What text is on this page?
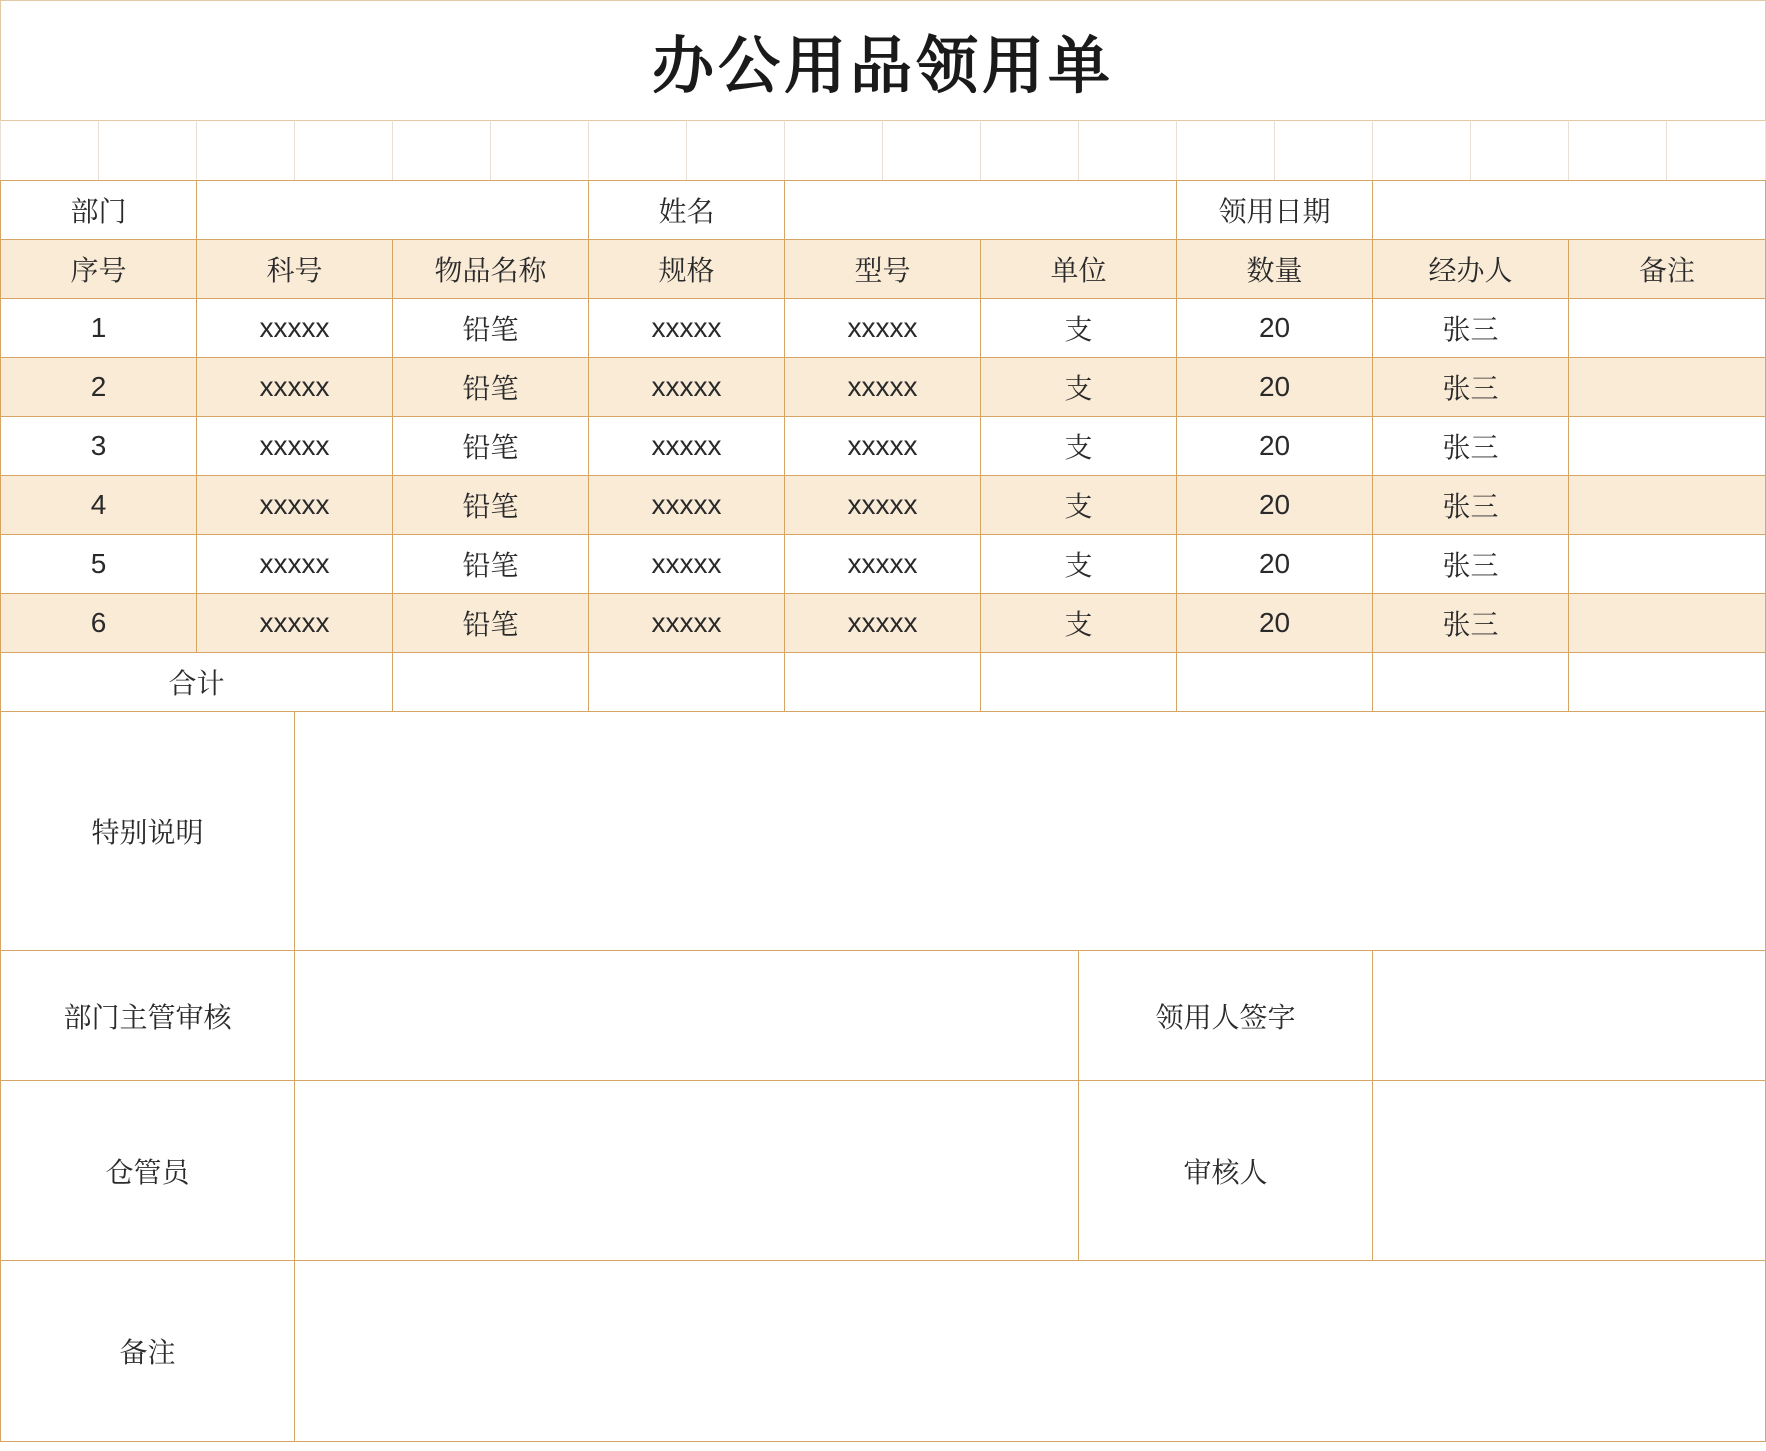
办公用品领用单
部门				姓名				领用日期		
序号	科号		物品名称	规格	型号	单位		数量	经办人	备注
1	xxxxx		铅笔	xxxxx	xxxxx	支		20	张三	
2	xxxxx		铅笔	xxxxx	xxxxx	支		20	张三	
3	xxxxx		铅笔	xxxxx	xxxxx	支		20	张三	
4	xxxxx		铅笔	xxxxx	xxxxx	支		20	张三	
5	xxxxx		铅笔	xxxxx	xxxxx	支		20	张三	
6	xxxxx		铅笔	xxxxx	xxxxx	支		20	张三	
合计										
特别说明										
部门主管审核							领用人签字			
仓管员							审核人			
备注										
